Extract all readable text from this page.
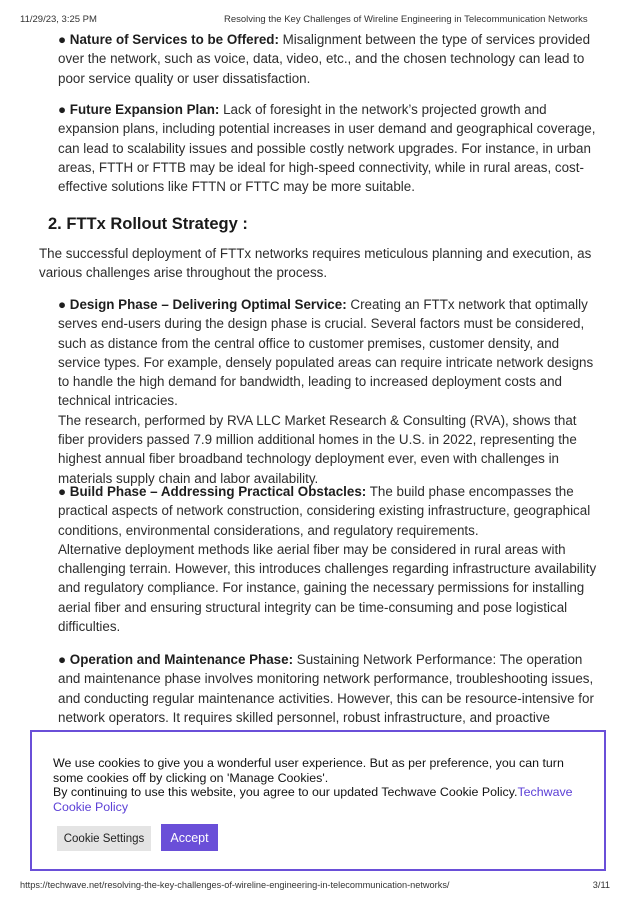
11/29/23, 3:25 PM	Resolving the Key Challenges of Wireline Engineering in Telecommunication Networks
● Nature of Services to be Offered: Misalignment between the type of services provided over the network, such as voice, data, video, etc., and the chosen technology can lead to poor service quality or user dissatisfaction.
● Future Expansion Plan: Lack of foresight in the network’s projected growth and expansion plans, including potential increases in user demand and geographical coverage, can lead to scalability issues and possible costly network upgrades. For instance, in urban areas, FTTH or FTTB may be ideal for high-speed connectivity, while in rural areas, cost-effective solutions like FTTN or FTTC may be more suitable.
2. FTTx Rollout Strategy :
The successful deployment of FTTx networks requires meticulous planning and execution, as various challenges arise throughout the process.
● Design Phase – Delivering Optimal Service: Creating an FTTx network that optimally serves end-users during the design phase is crucial. Several factors must be considered, such as distance from the central office to customer premises, customer density, and service types. For example, densely populated areas can require intricate network designs to handle the high demand for bandwidth, leading to increased deployment costs and technical intricacies.
The research, performed by RVA LLC Market Research & Consulting (RVA), shows that fiber providers passed 7.9 million additional homes in the U.S. in 2022, representing the highest annual fiber broadband technology deployment ever, even with challenges in materials supply chain and labor availability.
● Build Phase – Addressing Practical Obstacles: The build phase encompasses the practical aspects of network construction, considering existing infrastructure, geographical conditions, environmental considerations, and regulatory requirements.
Alternative deployment methods like aerial fiber may be considered in rural areas with challenging terrain. However, this introduces challenges regarding infrastructure availability and regulatory compliance. For instance, gaining the necessary permissions for installing aerial fiber and ensuring structural integrity can be time-consuming and pose logistical difficulties.
● Operation and Maintenance Phase: Sustaining Network Performance: The operation and maintenance phase involves monitoring network performance, troubleshooting issues, and conducting regular maintenance activities. However, this can be resource-intensive for network operators. It requires skilled personnel, robust infrastructure, and proactive
We use cookies to give you a wonderful user experience. But as per preference, you can turn some cookies off by clicking on 'Manage Cookies'.
By continuing to use this website, you agree to our updated Techwave Cookie Policy.Techwave Cookie Policy
Cookie Settings	Accept
https://techwave.net/resolving-the-key-challenges-of-wireline-engineering-in-telecommunication-networks/	3/11
